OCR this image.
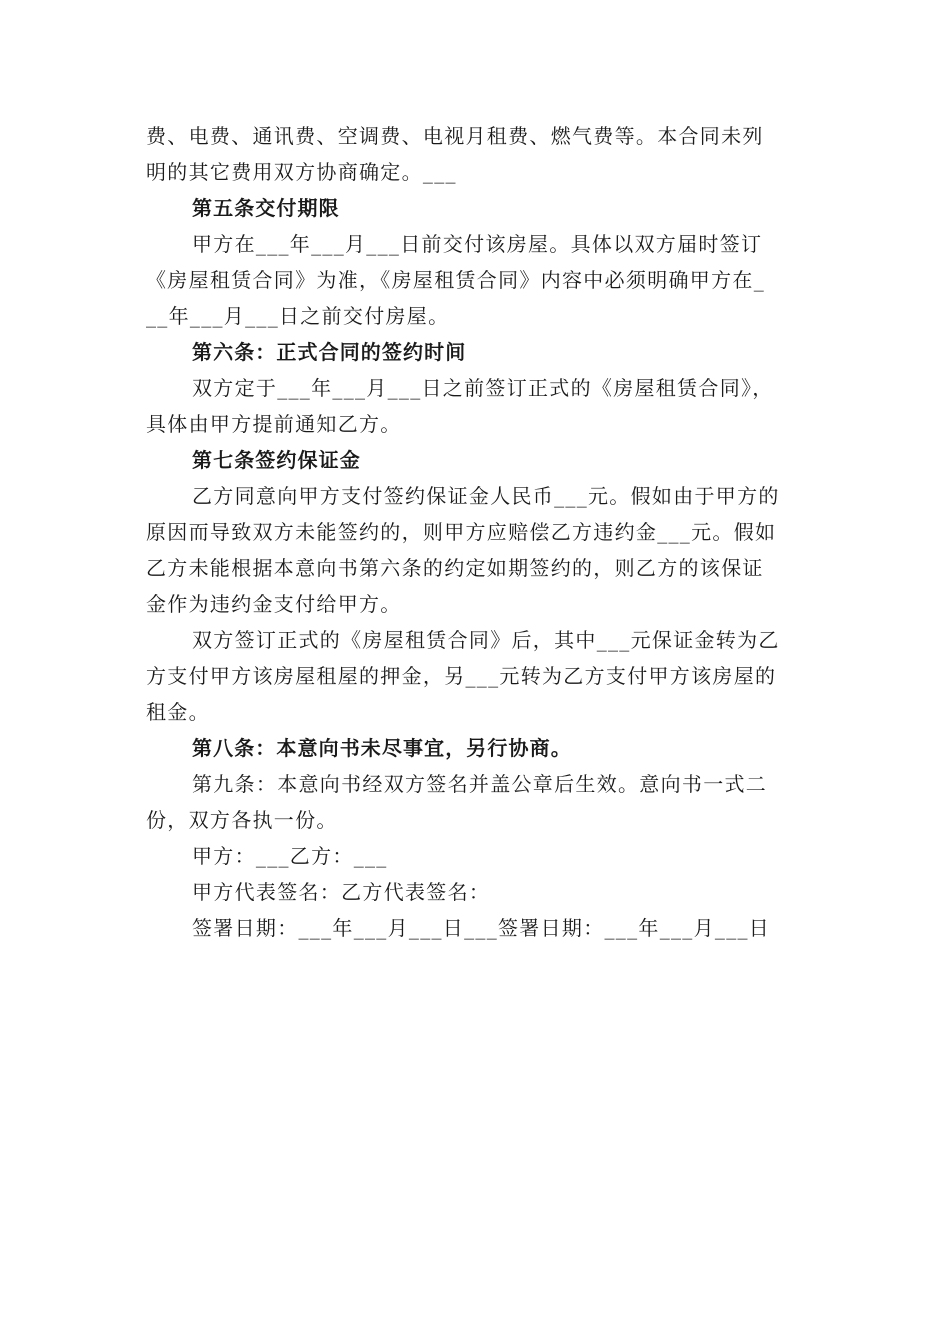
费、电费、通讯费、空调费、电视月租费、燃气费等。本合同未列
明的其它费用双方协商确定。___
第五条交付期限
甲方在___年___月___日前交付该房屋。具体以双方届时签订
《房屋租赁合同》为准，《房屋租赁合同》内容中必须明确甲方在_
__年___月___日之前交付房屋。
第六条：正式合同的签约时间
双方定于___年___月___日之前签订正式的《房屋租赁合同》，
具体由甲方提前通知乙方。
第七条签约保证金
乙方同意向甲方支付签约保证金人民币___元。假如由于甲方的
原因而导致双方未能签约的，则甲方应赔偿乙方违约金___元。假如
乙方未能根据本意向书第六条的约定如期签约的，则乙方的该保证
金作为违约金支付给甲方。
双方签订正式的《房屋租赁合同》后，其中___元保证金转为乙
方支付甲方该房屋租屋的押金，另___元转为乙方支付甲方该房屋的
租金。
第八条：本意向书未尽事宜，另行协商。
第九条：本意向书经双方签名并盖公章后生效。意向书一式二
份，双方各执一份。
甲方：___乙方：___
甲方代表签名：乙方代表签名：
签署日期：___年___月___日___签署日期：___年___月___日
